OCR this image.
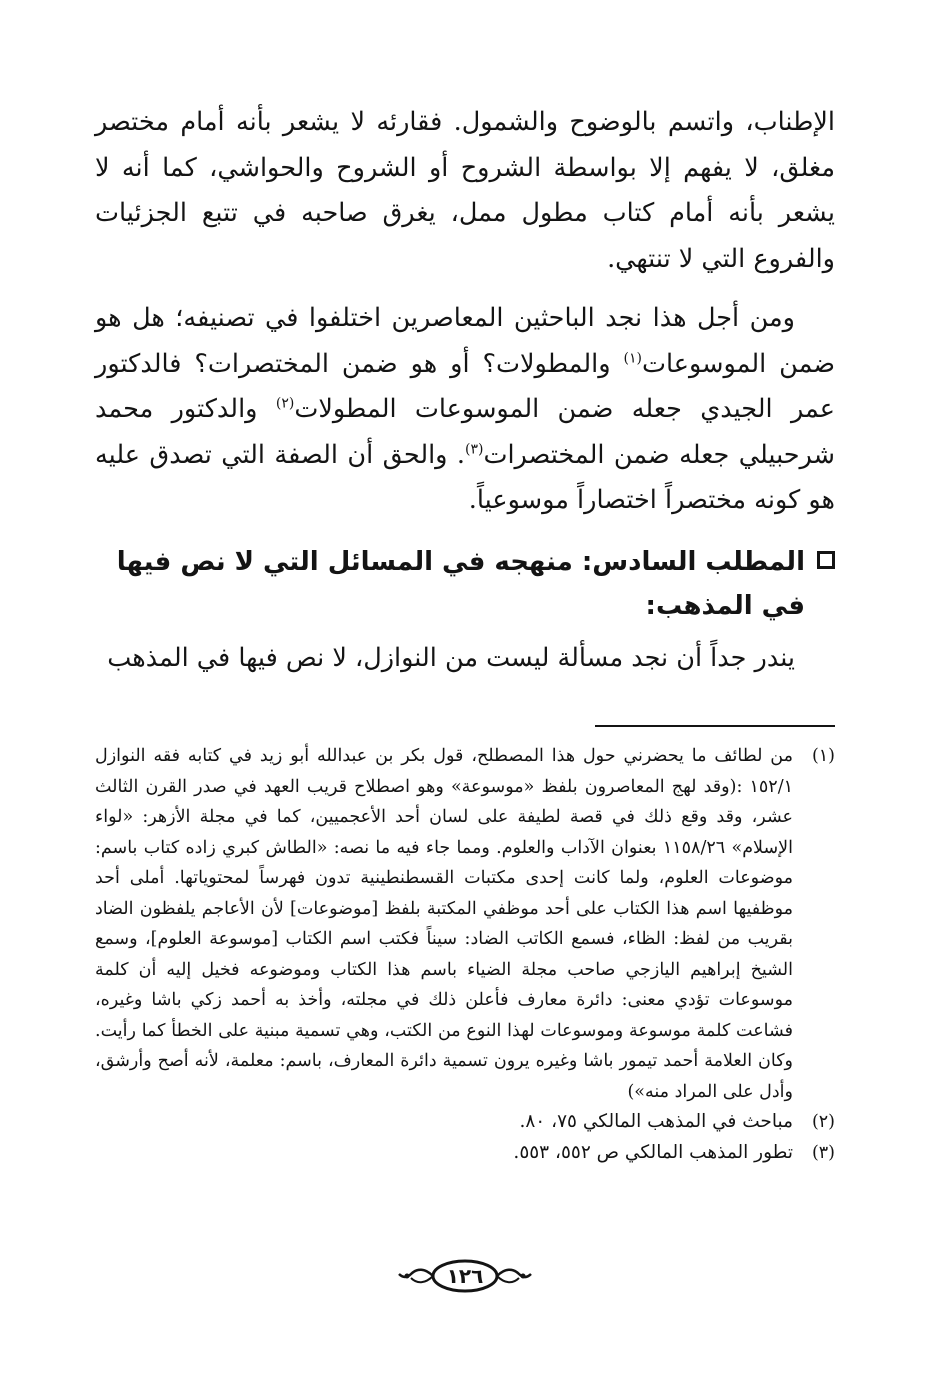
الإطناب، واتسم بالوضوح والشمول. فقارئه لا يشعر بأنه أمام مختصر مغلق، لا يفهم إلا بواسطة الشروح أو الشروح والحواشي، كما أنه لا يشعر بأنه أمام كتاب مطول ممل، يغرق صاحبه في تتبع الجزئيات والفروع التي لا تنتهي.

ومن أجل هذا نجد الباحثين المعاصرين اختلفوا في تصنيفه؛ هل هو ضمن الموسوعات$^{(١)}$ والمطولات؟ أو هو ضمن المختصرات؟ فالدكتور عمر الجيدي جعله ضمن الموسوعات المطولات$^{(٢)}$ والدكتور محمد شرحبيلي جعله ضمن المختصرات$^{(٣)}$. والحق أن الصفة التي تصدق عليه هو كونه مختصراً اختصاراً موسوعياً.

المطلب السادس: منهجه في المسائل التي لا نص فيها في المذهب:

يندر جداً أن نجد مسألة ليست من النوازل، لا نص فيها في المذهب

(١)
من لطائف ما يحضرني حول هذا المصطلح، قول بكر بن عبدالله أبو زيد في كتابه فقه النوازل ١٥٢/١ :(وقد لهج المعاصرون بلفظ «موسوعة» وهو اصطلاح قريب العهد في صدر القرن الثالث عشر، وقد وقع ذلك في قصة لطيفة على لسان أحد الأعجميين، كما في مجلة الأزهر: «لواء الإسلام» ١١٥٨/٢٦ بعنوان الآداب والعلوم. ومما جاء فيه ما نصه: «الطاش كبري زاده كتاب باسم: موضوعات العلوم، ولما كانت إحدى مكتبات القسطنطينية تدون فهرساً لمحتوياتها. أملى أحد موظفيها اسم هذا الكتاب على أحد موظفي المكتبة بلفظ [موضوعات] لأن الأعاجم يلفظون الضاد بقريب من لفظ: الظاء، فسمع الكاتب الضاد: سيناً فكتب اسم الكتاب [موسوعة العلوم]، وسمع الشيخ إبراهيم اليازجي صاحب مجلة الضياء باسم هذا الكتاب وموضوعه فخيل إليه أن كلمة موسوعات تؤدي معنى: دائرة معارف فأعلن ذلك في مجلته، وأخذ به أحمد زكي باشا وغيره، فشاعت كلمة موسوعة وموسوعات لهذا النوع من الكتب، وهي تسمية مبنية على الخطأ كما رأيت. وكان العلامة أحمد تيمور باشا وغيره يرون تسمية دائرة المعارف، باسم: معلمة، لأنه أصح وأرشق، وأدل على المراد منه»)
(٢)
مباحث في المذهب المالكي ٧٥، ٨٠.
(٣)
تطور المذهب المالكي ص ٥٥٢، ٥٥٣.
١٢٦
